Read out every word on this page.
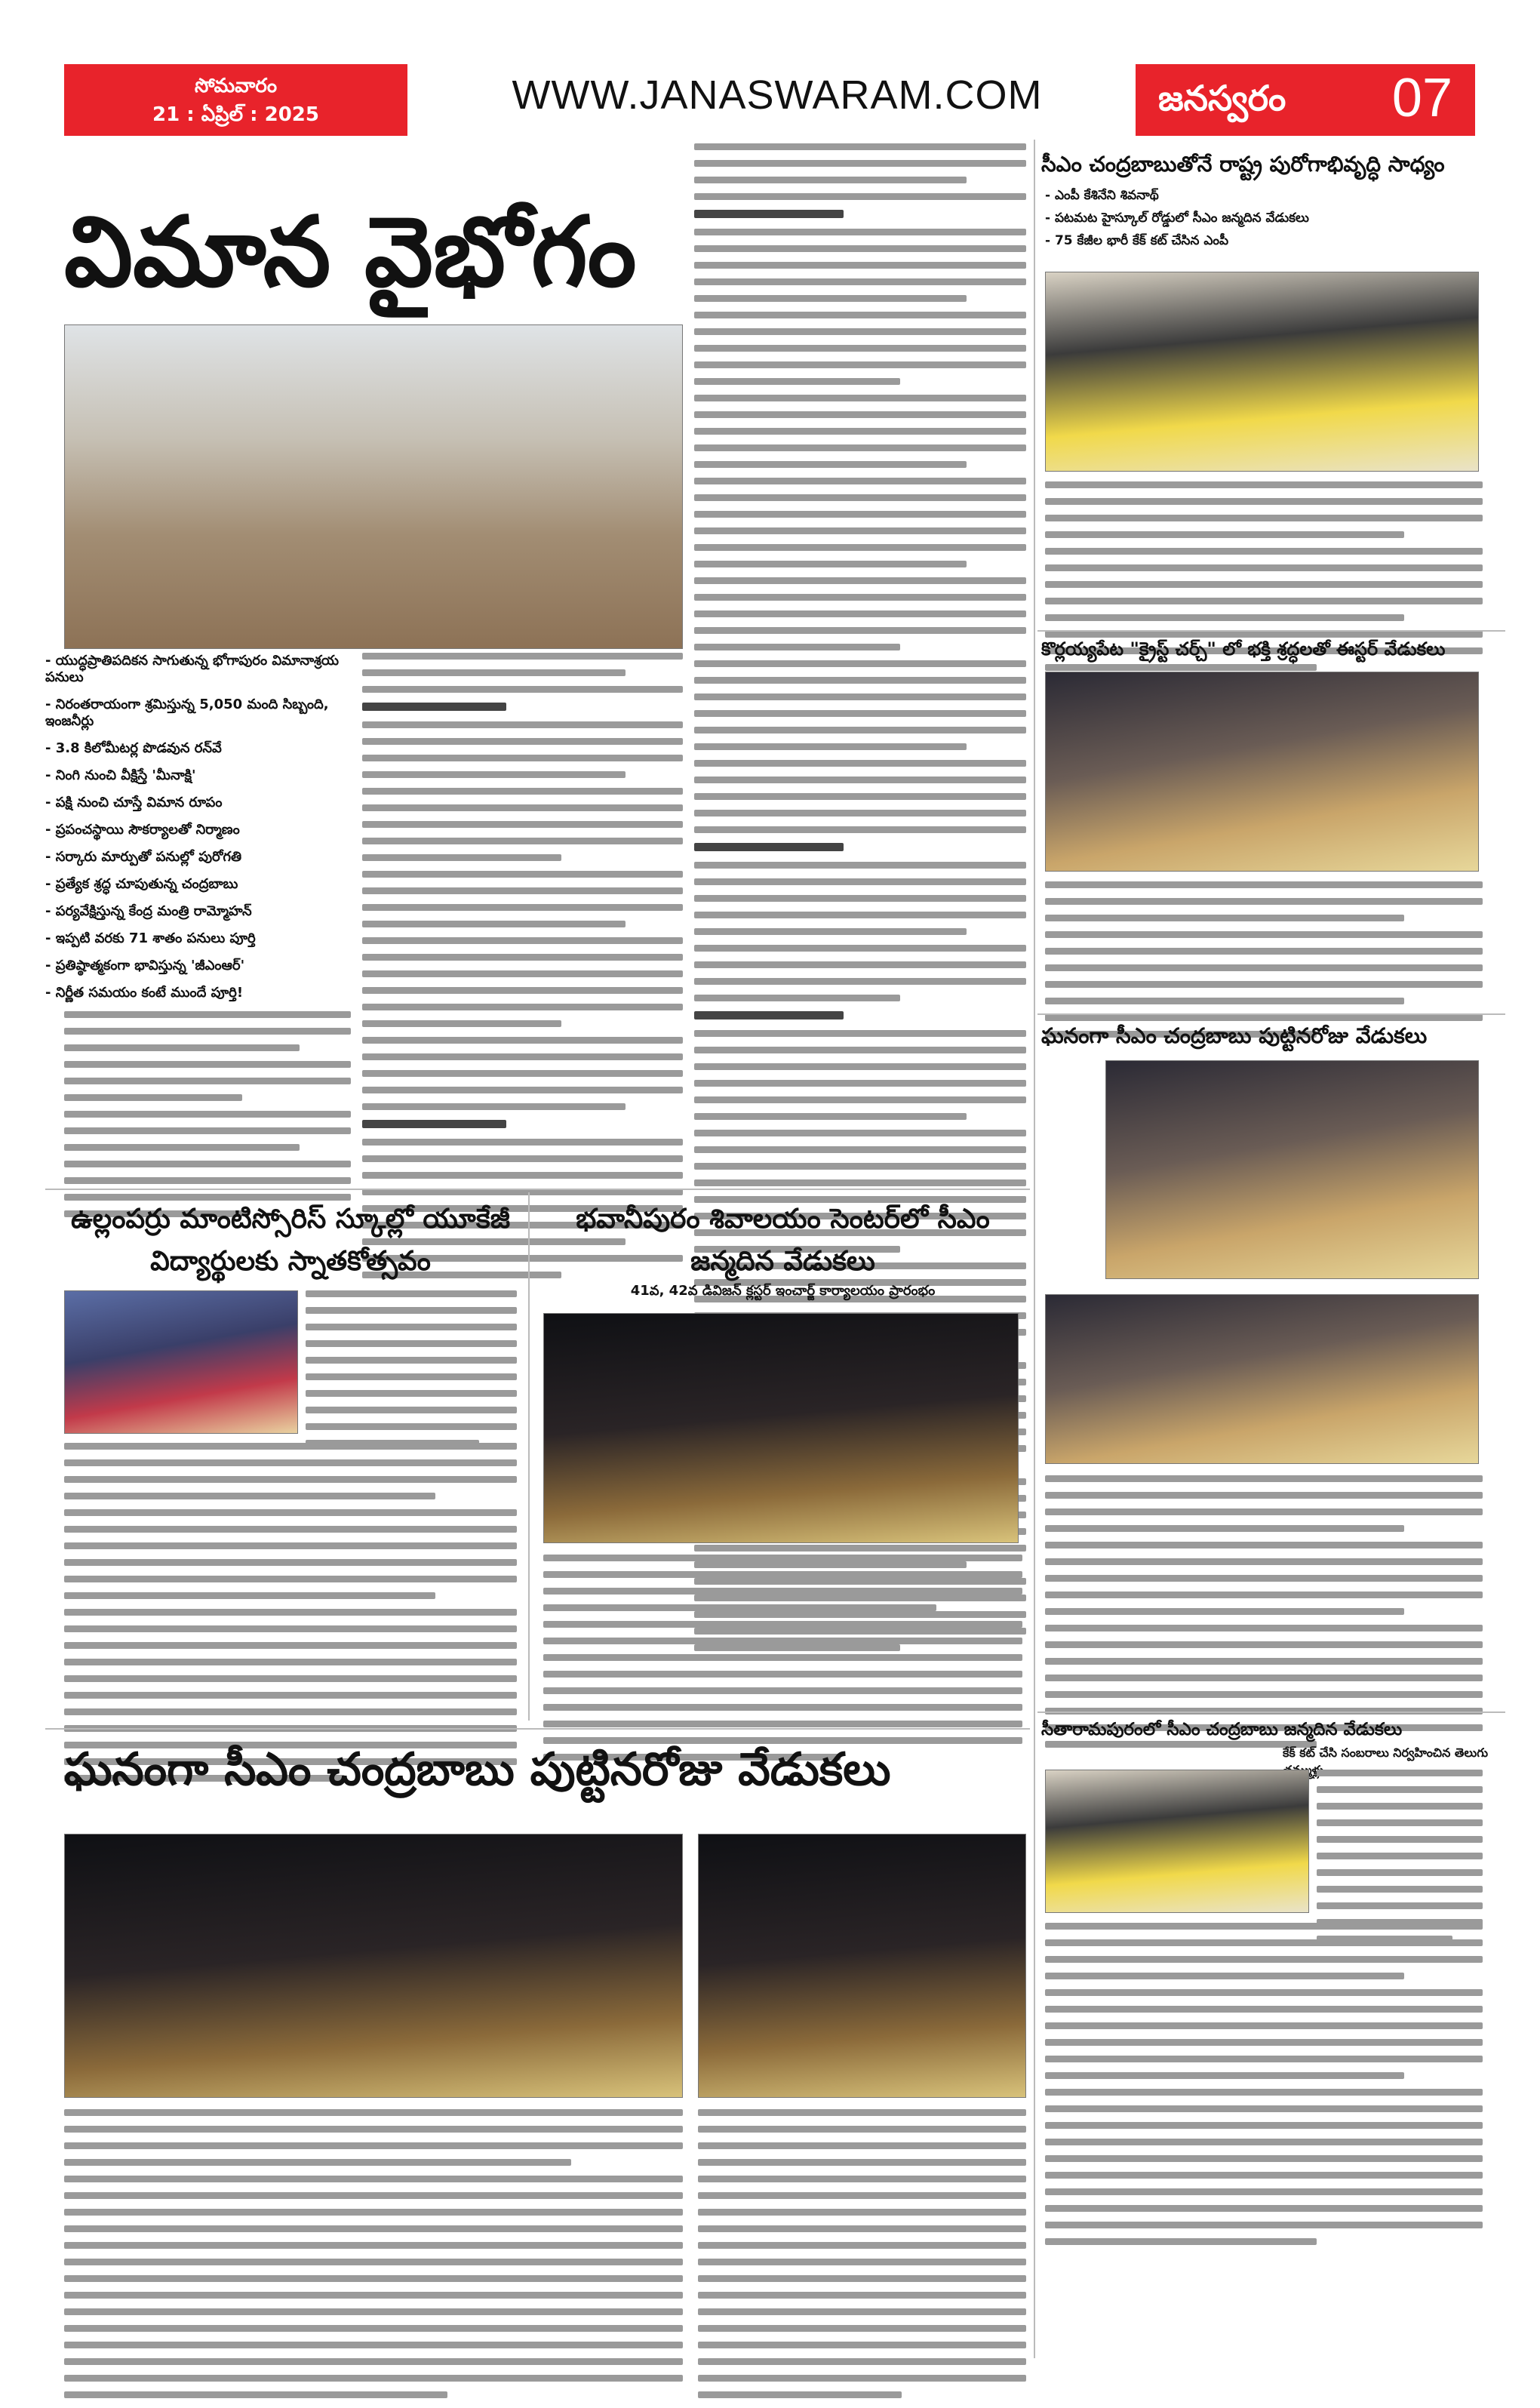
సోమవారం
21 : ఏప్రిల్ : 2025	WWW.JANASWARAM.COM	జనస్వరం 07
విమాన వైభోగం
- యుద్ధప్రాతిపదికన సాగుతున్న భోగాపురం విమానాశ్రయ పనులు
- నిరంతరాయంగా శ్రమిస్తున్న 5,050 మంది సిబ్బంది, ఇంజనీర్లు
- 3.8 కిలోమీటర్ల పొడవున రన్‌వే
- నింగి నుంచి వీక్షిస్తే 'మీనాక్షి'
- పక్షి నుంచి చూస్తే విమాన రూపం
- ప్రపంచస్థాయి సౌకర్యాలతో నిర్మాణం
- సర్కారు మార్పుతో పనుల్లో పురోగతి
- ప్రత్యేక శ్రద్ధ చూపుతున్న చంద్రబాబు
- పర్యవేక్షిస్తున్న కేంద్ర మంత్రి రామ్మోహన్
- ఇప్పటి వరకు 71 శాతం పనులు పూర్తి
- ప్రతిష్ఠాత్మకంగా భావిస్తున్న 'జీఎంఆర్'
- నిర్ణీత సమయం కంటే ముందే పూర్తి!
సీఎం చంద్రబాబుతోనే రాష్ట్ర పురోగాభివృద్ధి సాధ్యం
- ఎంపీ కేశినేని శివనాథ్
- పటమట హైస్కూల్ రోడ్డులో సీఎం జన్మదిన వేడుకలు
- 75 కేజీల భారీ కేక్ కట్ చేసిన ఎంపీ
కొర్లయ్యపేట "క్రైస్ట్ చర్చ్" లో భక్తి శ్రద్ధలతో ఈస్టర్ వేడుకలు
ఘనంగా సీఎం చంద్రబాబు పుట్టినరోజు వేడుకలు
సీతారామపురంలో సీఎం చంద్రబాబు జన్మదిన వేడుకలు
కేక్ కట్ చేసి సంబరాలు నిర్వహించిన తెలుగు
ఉల్లంపర్రు మాంటిస్సోరిస్ స్కూల్లో యూకేజీ విద్యార్థులకు స్నాతకోత్సవం
భవానీపురం శివాలయం సెంటర్‌లో సీఎం జన్మదిన వేడుకలు
41వ, 42వ డివిజన్ క్లస్టర్ ఇంచార్జ్ కార్యాలయం ప్రారంభం
ఘనంగా సీఎం చంద్రబాబు పుట్టినరోజు వేడుకలు
